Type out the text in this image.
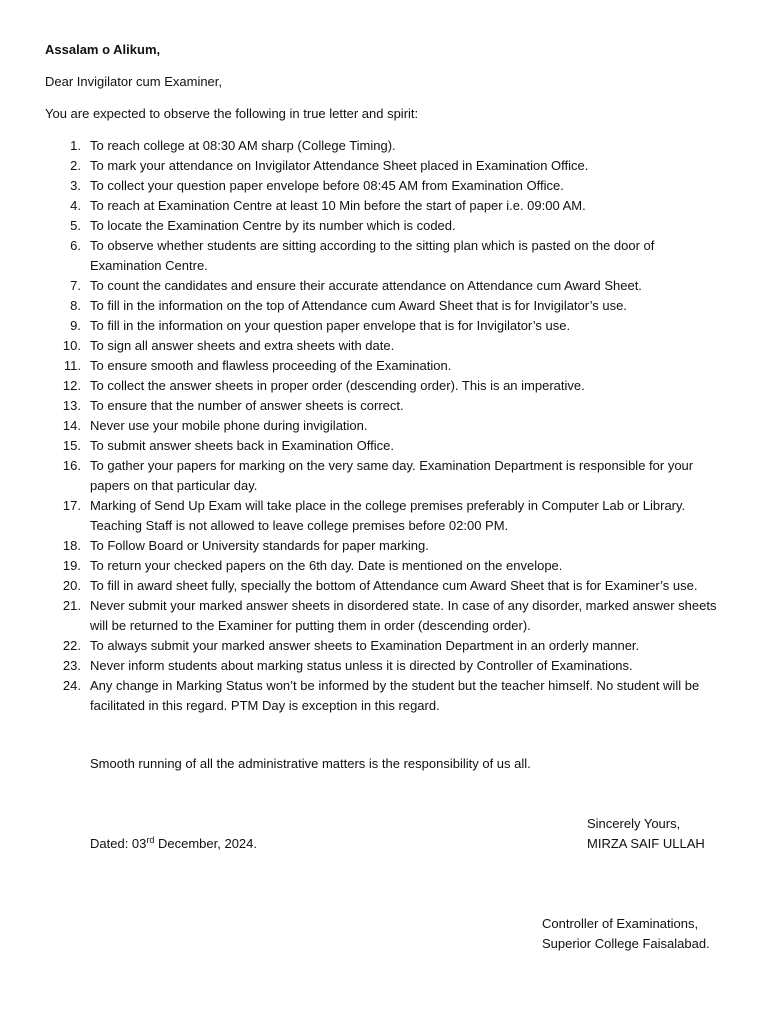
Assalam o Alikum,
Dear Invigilator cum Examiner,
You are expected to observe the following in true letter and spirit:
1. To reach college at 08:30 AM sharp (College Timing).
2. To mark your attendance on Invigilator Attendance Sheet placed in Examination Office.
3. To collect your question paper envelope before 08:45 AM from Examination Office.
4. To reach at Examination Centre at least 10 Min before the start of paper i.e. 09:00 AM.
5. To locate the Examination Centre by its number which is coded.
6. To observe whether students are sitting according to the sitting plan which is pasted on the door of Examination Centre.
7. To count the candidates and ensure their accurate attendance on Attendance cum Award Sheet.
8. To fill in the information on the top of Attendance cum Award Sheet that is for Invigilator’s use.
9. To fill in the information on your question paper envelope that is for Invigilator’s use.
10. To sign all answer sheets and extra sheets with date.
11. To ensure smooth and flawless proceeding of the Examination.
12. To collect the answer sheets in proper order (descending order). This is an imperative.
13. To ensure that the number of answer sheets is correct.
14. Never use your mobile phone during invigilation.
15. To submit answer sheets back in Examination Office.
16. To gather your papers for marking on the very same day. Examination Department is responsible for your papers on that particular day.
17. Marking of Send Up Exam will take place in the college premises preferably in Computer Lab or Library. Teaching Staff is not allowed to leave college premises before 02:00 PM.
18. To Follow Board or University standards for paper marking.
19. To return your checked papers on the 6th day. Date is mentioned on the envelope.
20. To fill in award sheet fully, specially the bottom of Attendance cum Award Sheet that is for Examiner’s use.
21. Never submit your marked answer sheets in disordered state. In case of any disorder, marked answer sheets will be returned to the Examiner for putting them in order (descending order).
22. To always submit your marked answer sheets to Examination Department in an orderly manner.
23. Never inform students about marking status unless it is directed by Controller of Examinations.
24. Any change in Marking Status won’t be informed by the student but the teacher himself. No student will be facilitated in this regard. PTM Day is exception in this regard.
Smooth running of all the administrative matters is the responsibility of us all.
Sincerely Yours,
MIRZA SAIF ULLAH
Dated: 03rd December, 2024.
Controller of Examinations,
Superior College Faisalabad.
